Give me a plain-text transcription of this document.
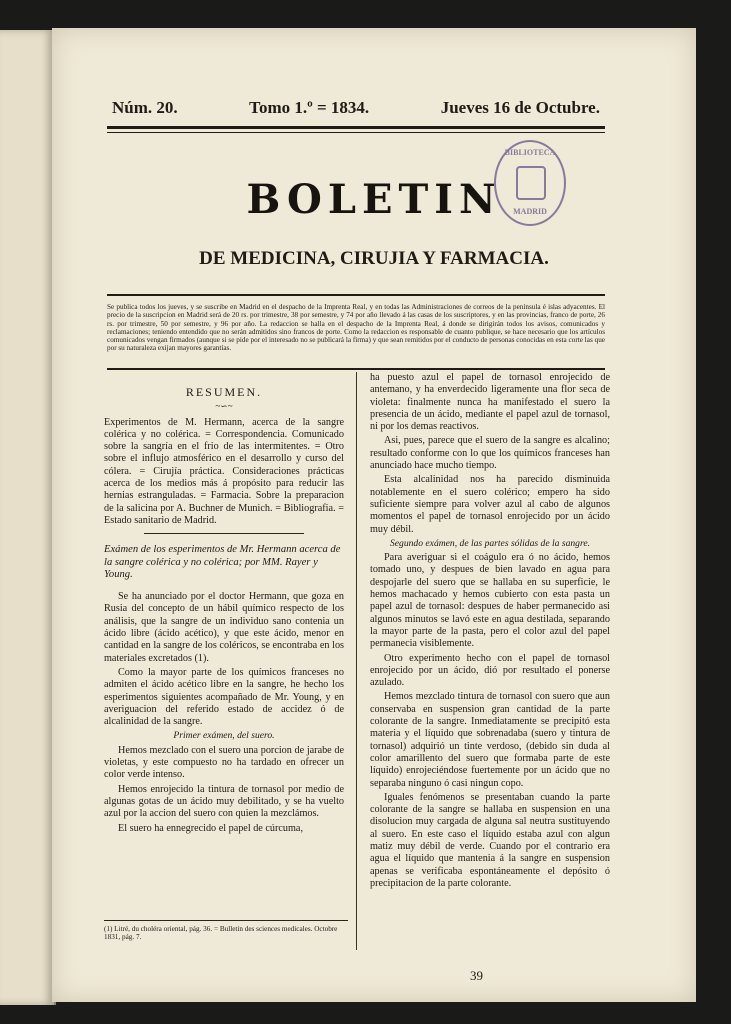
Núm. 20.	Tomo 1.º = 1834.	Jueves 16 de Octubre.
BIBLIOTECA
MADRID
BOLETIN
DE MEDICINA, CIRUJIA Y FARMACIA.
Se publica todos los jueves, y se suscribe en Madrid en el despacho de la Imprenta Real, y en todas las Administraciones de correos de la península é islas adyacentes. El precio de la suscripcion en Madrid será de 20 rs. por trimestre, 38 por semestre, y 74 por año llevado á las casas de los suscriptores, y en las provincias, franco de porte, 26 rs. por trimestre, 50 por semestre, y 96 por año. La redaccion se halla en el despacho de la Imprenta Real, á donde se dirigirán todos los avisos, comunicados y reclamaciones; teniendo entendido que no serán admitidos sino francos de porte. Como la redaccion es responsable de cuanto publique, se hace necesario que los artículos comunicados vengan firmados (aunque si se pide por el interesado no se publicará la firma) y que sean remitidos por el conducto de personas conocidas en esta corte las que por su naturaleza exijan mayores garantías.
RESUMEN.
~∽~

Experimentos de M. Hermann, acerca de la sangre colérica y no colérica. = Correspondencia. Comunicado sobre la sangría en el frio de las intermitentes. = Otro sobre el influjo atmosférico en el desarrollo y curso del cólera. = Cirujía práctica. Consideraciones prácticas acerca de los medios más á propósito para reducir las hernias estranguladas. = Farmacia. Sobre la preparacion de la salicina por A. Buchner de Munich. = Bibliografia. = Estado sanitario de Madrid.

Exámen de los esperimentos de Mr. Hermann acerca de la sangre colérica y no colérica; por MM. Rayer y Young.

Se ha anunciado por el doctor Hermann, que goza en Rusia del concepto de un hábil químico respecto de los análisis, que la sangre de un individuo sano contenia un ácido libre (ácido acético), y que este ácido, menor en cantidad en la sangre de los coléricos, se encontraba en los materiales excretados (1).

Como la mayor parte de los químicos franceses no admiten el ácido acético libre en la sangre, he hecho los esperimentos siguientes acompañado de Mr. Young, y en averiguacion del referido estado de accidez ó de alcalinidad de la sangre.

Primer exámen, del suero.

Hemos mezclado con el suero una porcion de jarabe de violetas, y este compuesto no ha tardado en ofrecer un color verde intenso.

Hemos enrojecido la tintura de tornasol por medio de algunas gotas de un ácido muy debilitado, y se ha vuelto azul por la accion del suero con quien la mezclámos.

El suero ha ennegrecido el papel de cúrcuma,

ha puesto azul el papel de tornasol enrojecido de antemano, y ha enverdecido ligeramente una flor seca de violeta: finalmente nunca ha manifestado el suero la presencia de un ácido, mediante el papel azul de tornasol, ni por los demas reactivos.

Asi, pues, parece que el suero de la sangre es alcalino; resultado conforme con lo que los químicos franceses han anunciado hace mucho tiempo.

Esta alcalinidad nos ha parecido disminuida notablemente en el suero colérico; empero ha sido suficiente siempre para volver azul al cabo de algunos momentos el papel de tornasol enrojecido por un ácido muy débil.

Segundo exámen, de las partes sólidas de la sangre.

Para averiguar si el coágulo era ó no ácido, hemos tomado uno, y despues de bien lavado en agua para despojarle del suero que se hallaba en su superficie, le hemos machacado y hemos cubierto con esta pasta un papel azul de tornasol: despues de haber permanecido asi algunos minutos se lavó este en agua destilada, separando la mayor parte de la pasta, pero el color azul del papel permanecia visiblemente.

Otro experimento hecho con el papel de tornasol enrojecido por un ácido, dió por resultado el ponerse azulado.

Hemos mezclado tintura de tornasol con suero que aun conservaba en suspension gran cantidad de la parte colorante de la sangre. Inmediatamente se precipitó esta materia y el líquido que sobrenadaba (suero y tintura de tornasol) adquirió un tinte verdoso, (debido sin duda al color amarillento del suero que formaba parte de este líquido) enrojeciéndose fuertemente por un ácido que no separaba ninguno ó casi ningun copo.

Iguales fenómenos se presentaban cuando la parte colorante de la sangre se hallaba en suspension en una disolucion muy cargada de alguna sal neutra sustituyendo al suero. En este caso el líquido estaba azul con algun matiz muy débil de verde. Cuando por el contrario era agua el líquido que mantenia á la sangre en suspension apenas se verificaba espontáneamente el depósito ó precipitacion de la parte colorante.

(1) Litré, du choléra oriental, pág. 36. = Bulletin des sciences medicales. Octobre 1831, pág. 7.
39
